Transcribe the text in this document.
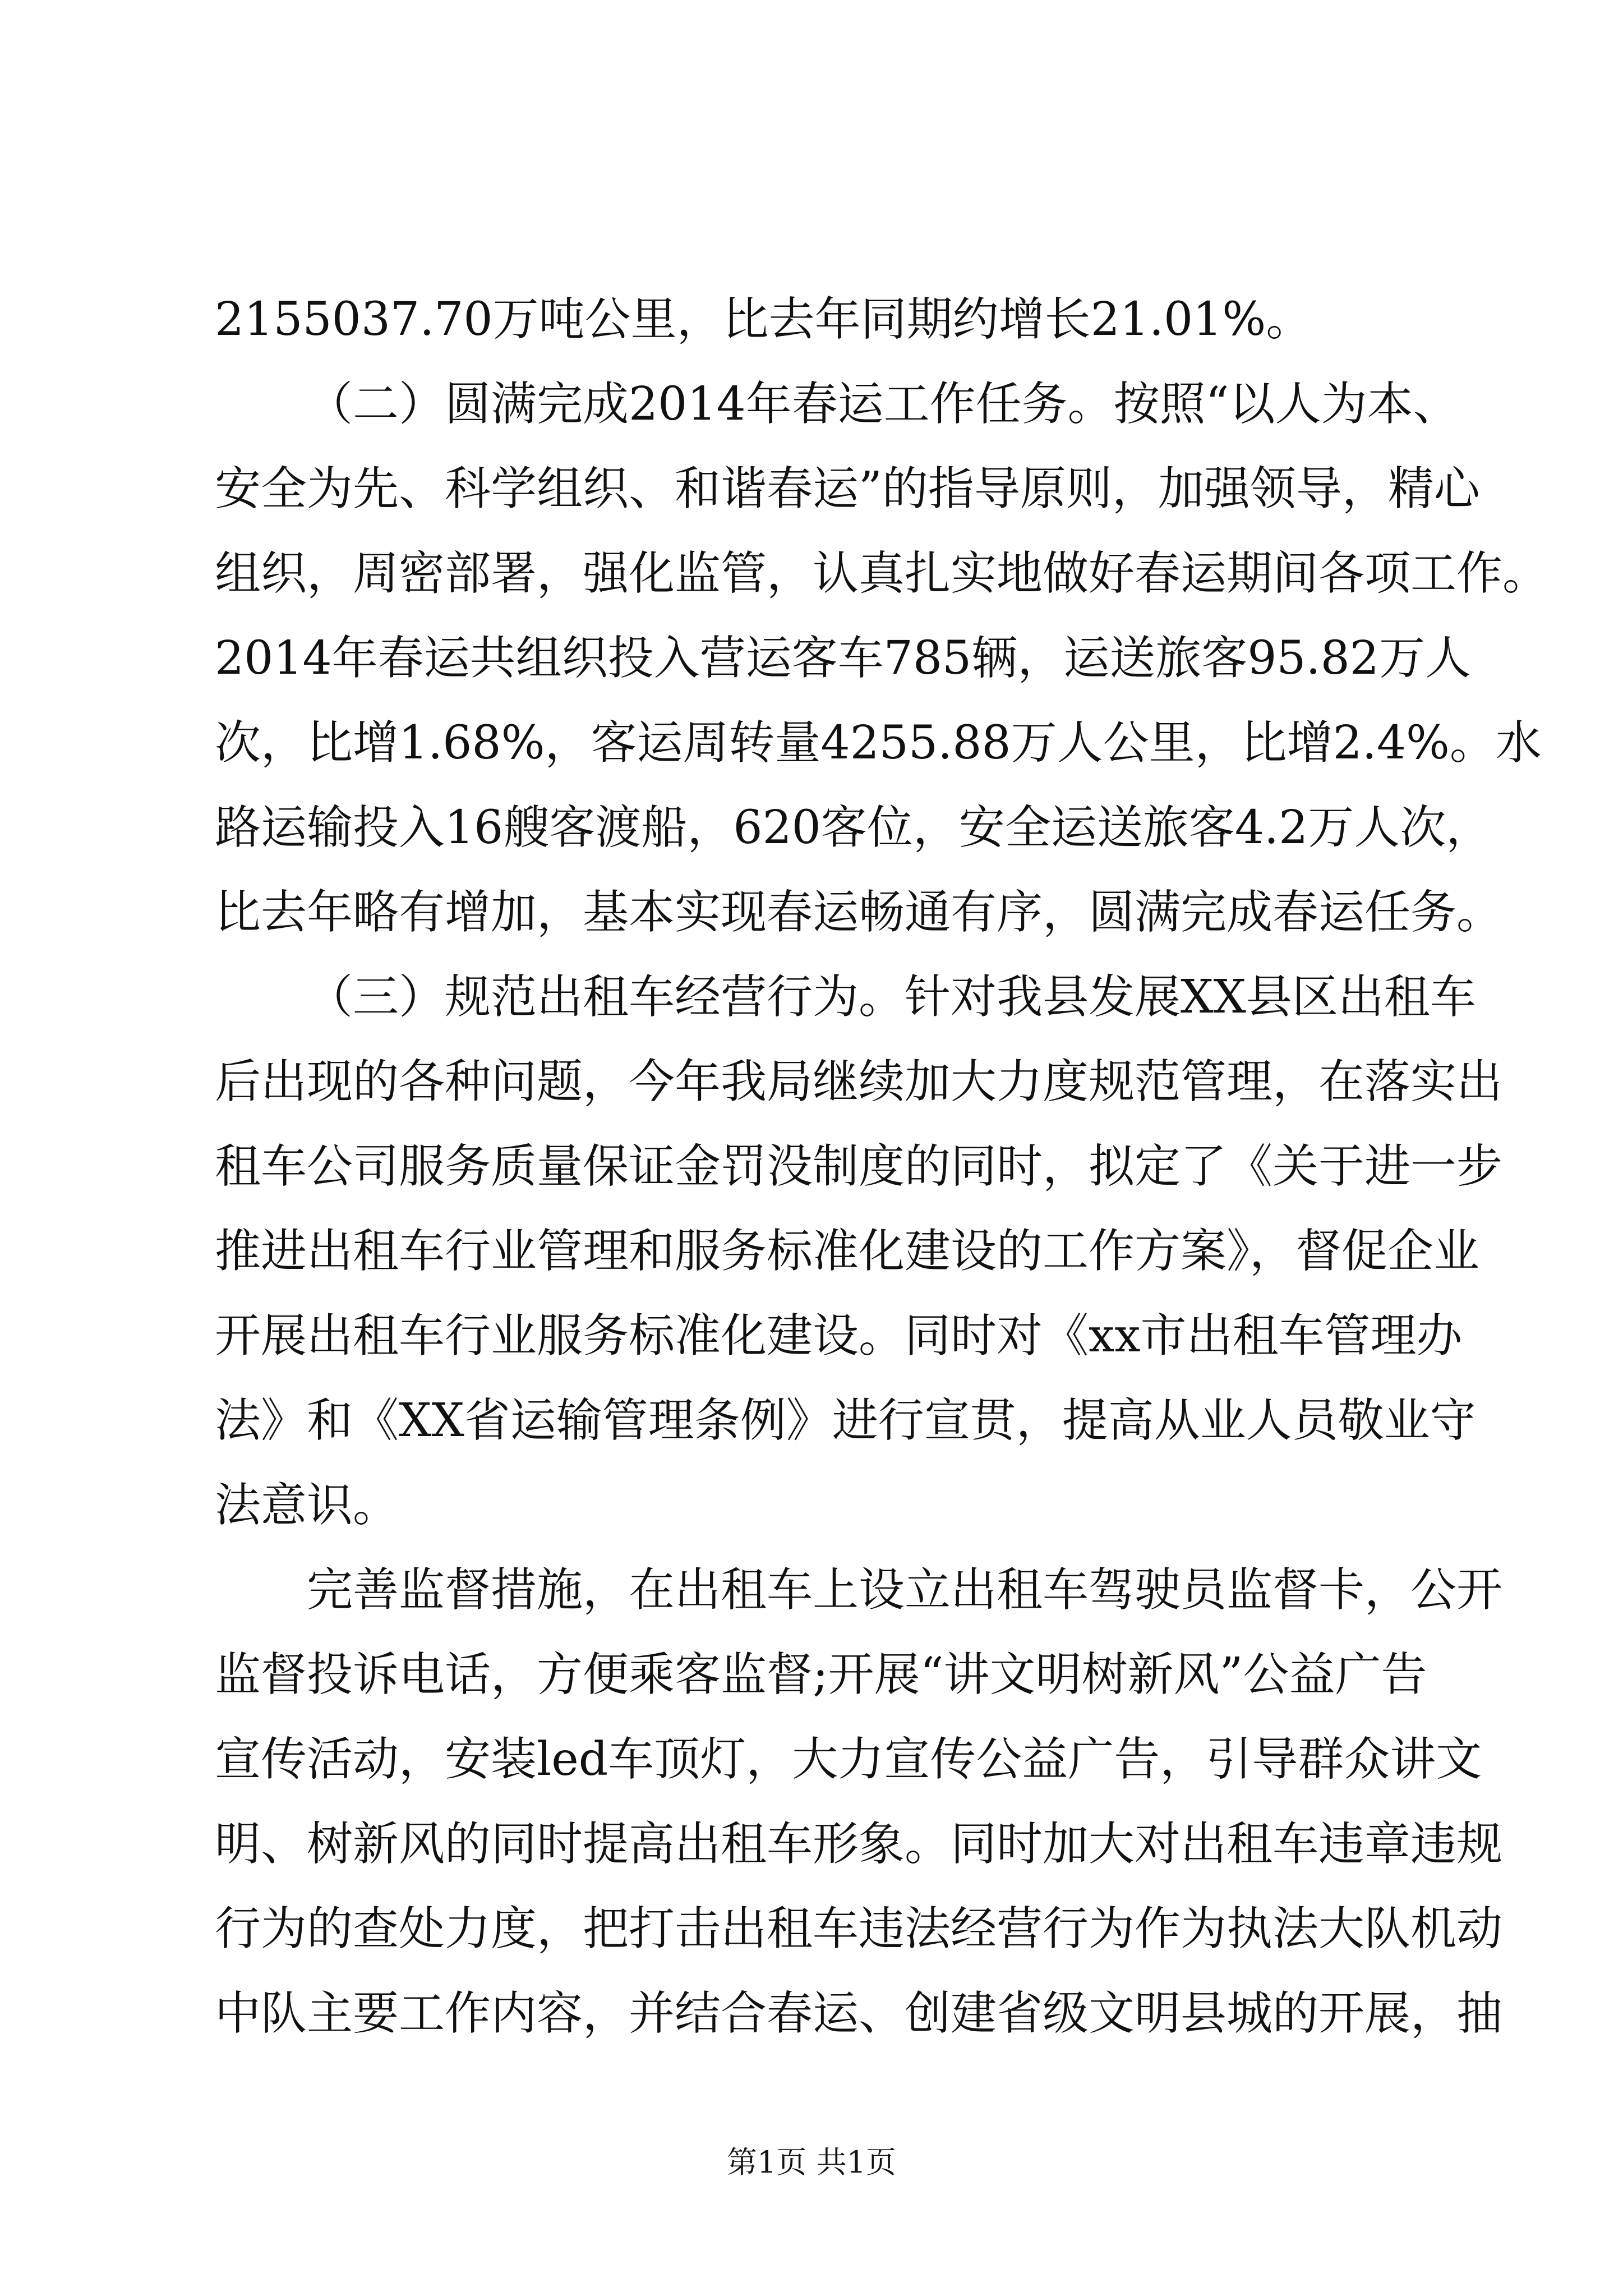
2155037.70万吨公里，比去年同期约增长21.01%。
（二）圆满完成2014年春运工作任务。按照“以人为本、
安全为先、科学组织、和谐春运”的指导原则，加强领导，精心
组织，周密部署，强化监管，认真扎实地做好春运期间各项工作。
2014年春运共组织投入营运客车785辆，运送旅客95.82万人
次，比增1.68%，客运周转量4255.88万人公里，比增2.4%。水
路运输投入16艘客渡船，620客位，安全运送旅客4.2万人次，
比去年略有增加，基本实现春运畅通有序，圆满完成春运任务。
（三）规范出租车经营行为。针对我县发展XX县区出租车
后出现的各种问题，今年我局继续加大力度规范管理，在落实出
租车公司服务质量保证金罚没制度的同时，拟定了《关于进一步
推进出租车行业管理和服务标准化建设的工作方案》，督促企业
开展出租车行业服务标准化建设。同时对《xx市出租车管理办
法》和《XX省运输管理条例》进行宣贯，提高从业人员敬业守
法意识。
完善监督措施，在出租车上设立出租车驾驶员监督卡，公开
监督投诉电话，方便乘客监督;开展“讲文明树新风”公益广告
宣传活动，安装led车顶灯，大力宣传公益广告，引导群众讲文
明、树新风的同时提高出租车形象。同时加大对出租车违章违规
行为的查处力度，把打击出租车违法经营行为作为执法大队机动
中队主要工作内容，并结合春运、创建省级文明县城的开展，抽
第1页 共1页
